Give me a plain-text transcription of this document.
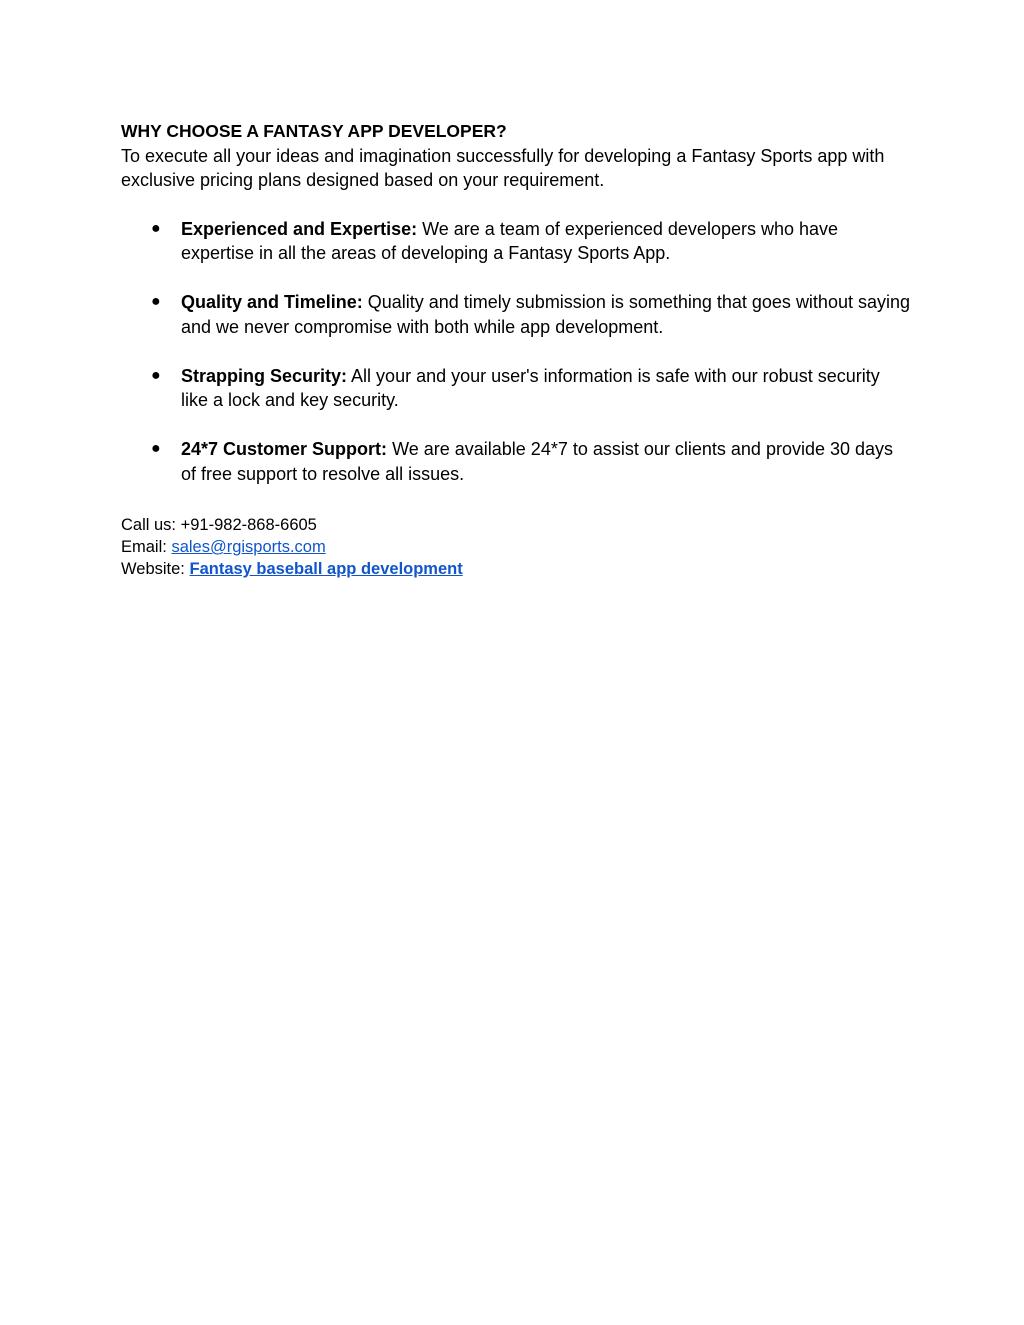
WHY CHOOSE A FANTASY APP DEVELOPER?

To execute all your ideas and imagination successfully for developing a Fantasy Sports app with exclusive pricing plans designed based on your requirement.

● Experienced and Expertise: We are a team of experienced developers who have expertise in all the areas of developing a Fantasy Sports App.
● Quality and Timeline: Quality and timely submission is something that goes without saying and we never compromise with both while app development.
● Strapping Security: All your and your user's information is safe with our robust security like a lock and key security.
● 24*7 Customer Support: We are available 24*7 to assist our clients and provide 30 days of free support to resolve all issues.

Call us: +91-982-868-6605

Email: sales@rgisports.com

Website: Fantasy baseball app development
